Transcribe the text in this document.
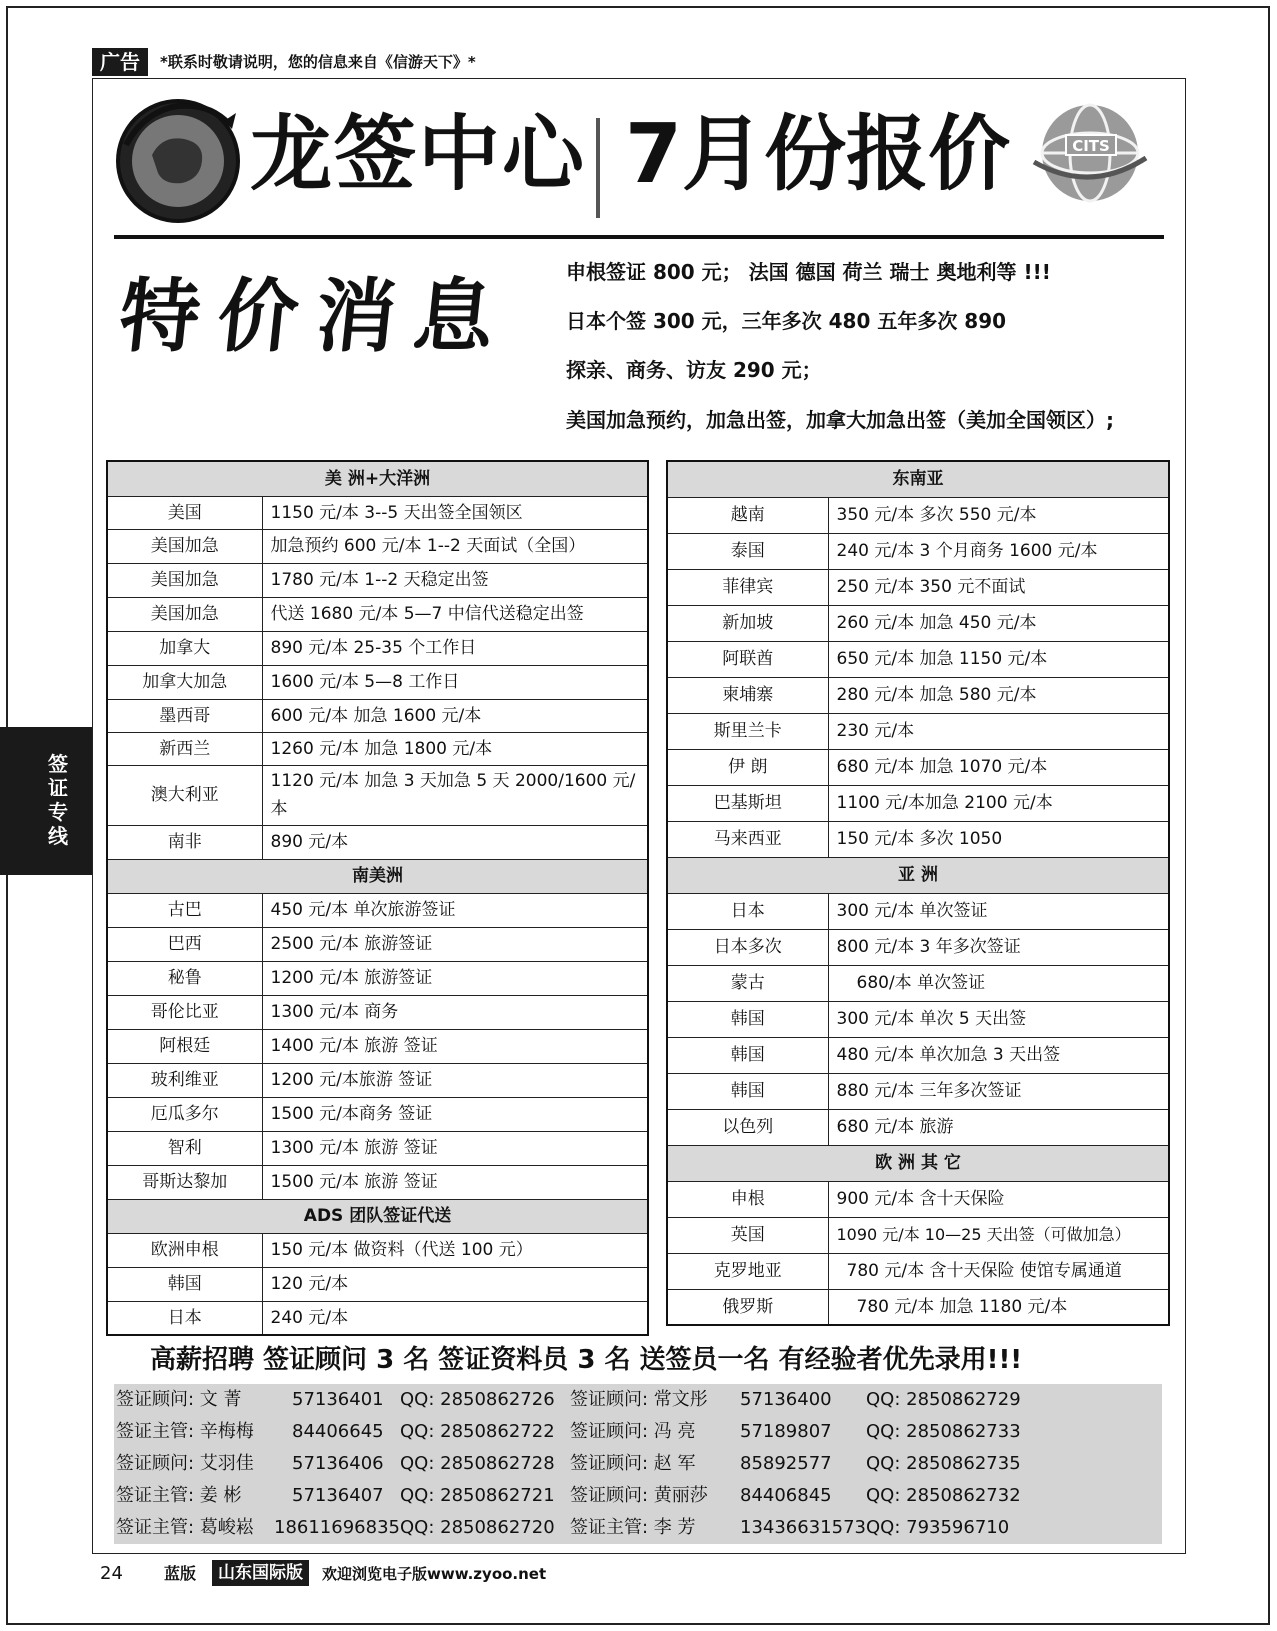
广告	*联系时敬请说明，您的信息来自《信游天下》*
龙签中心 7月份报价	CITS
特价消息 申根签证 800 元； 法国 德国 荷兰 瑞士 奥地利等 !!!
日本个签 300 元，三年多次 480 五年多次 890
探亲、商务、访友 290 元；
美国加急预约，加急出签，加拿大加急出签（美加全国领区）;
美 洲+大洋洲	
美国	1150 元/本 3--5 天出签全国领区
美国加急	加急预约 600 元/本 1--2 天面试（全国）
美国加急	1780 元/本 1--2 天稳定出签
美国加急	代送 1680 元/本 5—7 中信代送稳定出签
加拿大	890 元/本 25-35 个工作日
加拿大加急	1600 元/本 5—8 工作日
墨西哥	600 元/本 加急 1600 元/本
新西兰	1260 元/本 加急 1800 元/本
澳大利亚	1120 元/本 加急 3 天加急 5 天 2000/1600 元/本
南非	890 元/本
南美洲	
古巴	450 元/本 单次旅游签证
巴西	2500 元/本 旅游签证
秘鲁	1200 元/本 旅游签证
哥伦比亚	1300 元/本 商务
阿根廷	1400 元/本 旅游 签证
玻利维亚	1200 元/本旅游 签证
厄瓜多尔	1500 元/本商务 签证
智利	1300 元/本 旅游 签证
哥斯达黎加	1500 元/本 旅游 签证
ADS 团队签证代送	
欧洲申根	150 元/本 做资料（代送 100 元）
韩国	120 元/本
日本	240 元/本
东南亚	
越南	350 元/本 多次 550 元/本
泰国	240 元/本 3 个月商务 1600 元/本
菲律宾	250 元/本 350 元不面试
新加坡	260 元/本 加急 450 元/本
阿联酋	650 元/本 加急 1150 元/本
柬埔寨	280 元/本 加急 580 元/本
斯里兰卡	230 元/本
伊 朗	680 元/本 加急 1070 元/本
巴基斯坦	1100 元/本加急 2100 元/本
马来西亚	150 元/本 多次 1050
亚 洲	
日本	300 元/本 单次签证
日本多次	800 元/本 3 年多次签证
蒙古	680/本 单次签证
韩国	300 元/本 单次 5 天出签
韩国	480 元/本 单次加急 3 天出签
韩国	880 元/本 三年多次签证
以色列	680 元/本 旅游
欧 洲 其 它	
申根	900 元/本 含十天保险
英国	1090 元/本 10—25 天出签（可做加急）
克罗地亚	780 元/本 含十天保险 使馆专属通道
俄罗斯	780 元/本 加急 1180 元/本
高薪招聘 签证顾问 3 名 签证资料员 3 名 送签员一名 有经验者优先录用!!!
签证顾问: 文 菁	57136401 QQ: 2850862726 签证顾问: 常文彤 57136400 QQ: 2850862729
签证主管: 辛梅梅 84406645 QQ: 2850862722 签证顾问: 冯 亮 57189807 QQ: 2850862733
签证顾问: 艾羽佳 57136406 QQ: 2850862728 签证顾问: 赵 军 85892577 QQ: 2850862735
签证主管: 姜 彬	57136407 QQ: 2850862721 签证顾问: 黄丽莎 84406845 QQ: 2850862732
签证主管: 葛峻崧 18611696835 QQ: 2850862720 签证主管: 李 芳 13436631573 QQ: 793596710
签证专线
24	蓝版	山东国际版	欢迎浏览电子版www.zyoo.net
